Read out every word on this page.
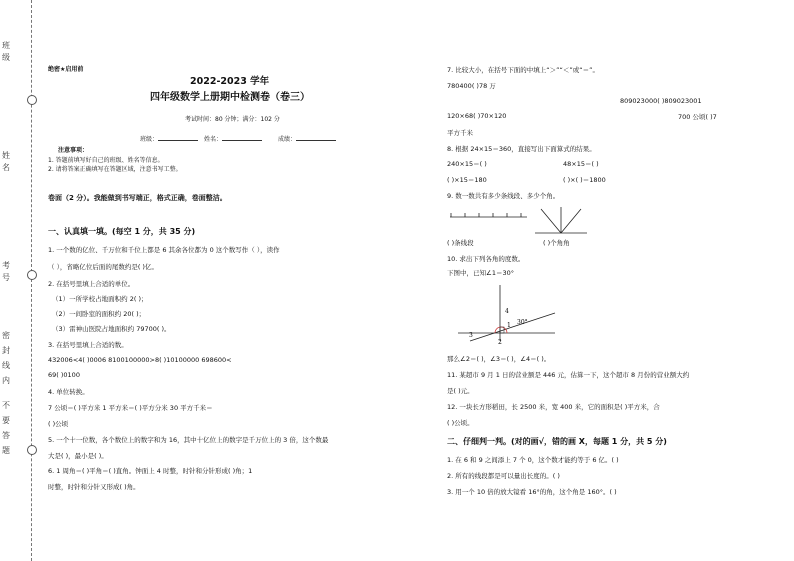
班
级
姓
名
考
号
密
封
线
内
不
要
答
题
绝密★启用前
2022-2023 学年
四年级数学上册期中检测卷（卷三）
考试时间：80 分钟；满分：102 分
班级：	姓名：	成绩：
注意事项：
1. 答题前填写好自己的班级、姓名等信息。
2. 请将答案正确填写在答题区域，注意书写工整。
卷面（2 分）。我能做到书写端正，格式正确，卷面整洁。
一、认真填一填。(每空 1 分，共 35 分)
1. 一个数的亿位、千万位和千位上都是 6 其余各位都为 0 这个数写作（ ），读作
（ ），省略亿位后面的尾数约是( )亿。
2. 在括号里填上合适的单位。
（1）一所学校占地面积约 2( )；
（2）一间卧室的面积约 20( )；
（3）雷神山医院占地面积约 79700( )。
3. 在括号里填上合适的数。
432006<4( )0006 8100100000>8( )10100000 698600<
69( )0100
4. 单位转换。
7 公顷＝( )平方米 1 平方米＝( )平方分米 30 平方千米＝
( )公顷
5. 一个十一位数，各个数位上的数字和为 16，其中十亿位上的数字是千万位上的 3 倍，这个数最
大是( )，最小是( )。
6. 1 周角＝( )平角＝( )直角。钟面上 4 时整，时针和分针形成( )角；1
时整，时针和分针又形成( )角。
7. 比较大小，在括号下面的中填上“＞”“＜”或“＝”。
780400( )78 万
809023000( )809023001
120×68( )70×120	700 公顷( )7
平方千米
8. 根据 24×15＝360，直接写出下面算式的结果。
240×15＝( )	48×15＝( )
( )×15＝180	( )×( )＝1800
9. 数一数共有多少条线段、多少个角。
( )条线段	( )个角角
10. 求出下列各角的度数。
下图中，已知∠1＝30°
4
1 30°
3
2
那么∠2＝( )，∠3＝( )，∠4＝( )。
11. 某超市 9 月 1 日的营业额是 446 元，估算一下，这个超市 8 月份的营业额大约
是( )元。
12. 一块长方形稻田，长 2500 米，宽 400 米，它的面积是( )平方米，合
( )公顷。
二、仔细判一判。(对的画√，错的画 X，每题 1 分，共 5 分)
1. 在 6 和 9 之间添上 7 个 0，这个数才能约等于 6 亿。( )
2. 所有的线段都是可以量出长度的。( )
3. 用一个 10 倍的放大镜看 16°的角，这个角是 160°。( )
